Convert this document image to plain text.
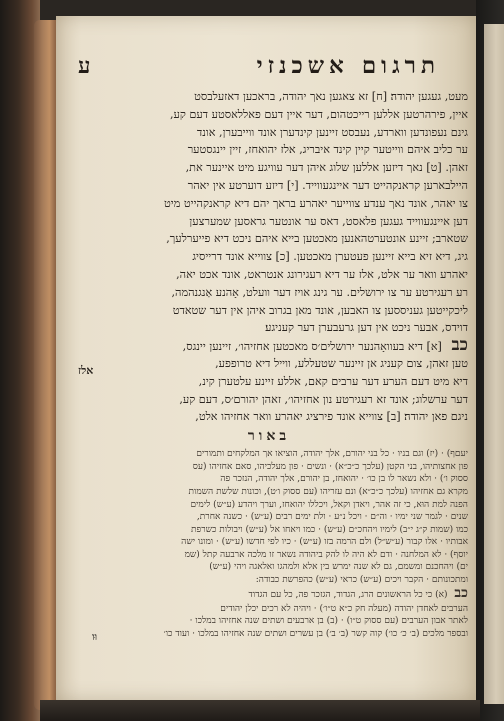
תרגום אשכנזי
ע
מעט, געגען יהודה׃ [ח] זא צאגען נאך יהודה, בראכען דאזעלבסט
איין, פירהרטען אללען רייכטהום, דער איין דעם פאללאסטע דעם קע,
גינם נעפונדען ווארדע, נעבסט זיינען קינדערן אונד ווייבערן, אונד
ער כליב איהם ווייטער קיין קינד איבריג, אלז יהואחז, זיין יינגסטער
זאהן. [ט] נאך דיזען אללען שלוג איהן דער עוויגע מיט איינער את,
היילבארען קראנקהייט דער איינגעווייד. [י] דיזע דוערטע אין יאהר
צו יאהר, אונד נאך ענדע צווייער יאהרע בראך יהם דיא קראנקהייט מיט
דען איינגעווייד געגען פלאסט, דאס ער אונטער גראסען שמערצען
שטארב; זיינע אונטערטהאנען מאכטען בייא איהם ניכט דיא פייערלעך,
גיג, דיא זיא בייא זיינען פעטערן מאכטען. [כ] צווייא אונד דרייסיג
יאהרע וואר ער אלט, אלז ער דיא רעגירונג אנטראט, אונד אכט יאה,
רע רעגירטע ער צו ירושלים. ער גינג אויז דער וועלט, אָהנע אַנגנהמה,
ליכקייטען געניססען צו האבען, אונד מאן בגרוב איהן אין דער שטאדט
דוידס, אבער ניכט אין דען גרעבערן דער קעניגע׃
כב [א] דיא בעוואָהנער ירושלים׳ס מאכטען אחזיהו׳, זיינען יינגס,
טען זאהן, צום קעניג אן זיינער שטעללע, ווייל דיא טרופפע,
דיא מיט דעם הערע דער ערבים קאם, אללע זיינע עלטערן קינ,
דער ערשלוג; אונד זא רעגירטע נון אחזיהו׳, זאהן יהורם׳ס, דעם קע,
ניגם פאן יהודה׃ [ב] צווייא אונד פירציג יאהרע וואר אחזיהו אלט,
באור
יעםף) · (יז) וגם בניו · כל בני יהורם, אלך יהודה, הוציאו אך המלקחים ותמורים
פון אחצותיהו, בני הקטן (עלכך כ״כ״א) · ונשים · פון מעלכיהו, סאם אחזיהו (עס
ססוק ו׳) · ולא נשאר לו בן כו׳ · יהואחז, בן יהורם, אלך יהודה, הנזכר פה
מקרא גם אחזיהו (עלכך כ״כ״א) ונם עזריהו (עם ססוק ו׳ט), וכונות שלשת השמות
הפנה למת הוּא, כי זה אהר, ויאדן וקאל, ויכללו יהואחז, וערך ויהדע (ע״ש) לימים
שנים · לגמר שני ימיו · וה״ם · ויכל נ״ע · ולת ימים רבים (ע״ש) · כשנה אחרת,
כמו (שמות ק״ג י״ב) לימיו ויהחכ״ם (ע״ש) · כמו ויאחו אל (ע״ש) ויבולות כשרפת
אבותיו · אלו קבור (ע״ש״ל) ולם הרמה בזו (ע״ש) · כיו לפי חדשו (ע״ש) · ומונו ישה
יוסף) · לא המלחנה · ודם לא היה לו להק ביהודה נשאר זו מלכה ארבעה קתל (שמ
ים) ויהחכנם ומשמם, גם לא שנה ימרש בין אלא ולמהגו ואלאגה ויהי (ע״ש)
ומתכונותם · הקבר ויכים (ע״ש) כראי (ע״ש) כהפרשת כבודה:
כב (א) כי כל הראשונים הרג, הגדוד, הגזכר פה, כל עם הגדוד
הערבים לאחדן יהודה (מעלה חק כ״א ט״ו׳) · ויהיה לא רכים יכלן יהודים
לאתר אבון הערבים (עם ססוק ט״ו) · (ב) בן ארבעים ושתים שנה אחזיהו במלכו ·
ובספר מלכים (ב׳ כ׳ כו׳) קוה קשר (ב׳ ב׳) בן עשרים ושתים שנה אחזיהו במלכו · ועוד כו׳
אלז
וּו
